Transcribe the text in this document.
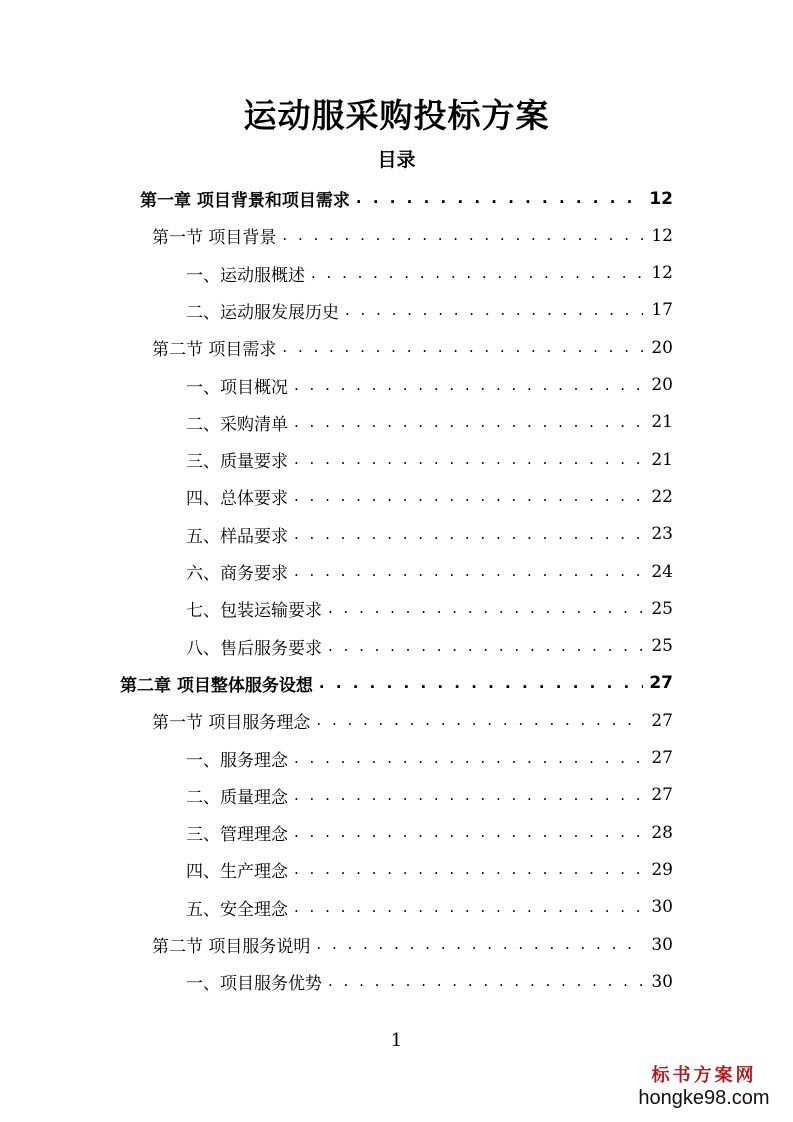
运动服采购投标方案
目录
第一章 项目背景和项目需求 . . .	12
第一节 项目背景 . . .	12
一、运动服概述 . . .	12
二、运动服发展历史 . . .	17
第二节 项目需求 . . .	20
一、项目概况 . . .	20
二、采购清单 . . .	21
三、质量要求 . . .	21
四、总体要求 . . .	22
五、样品要求 . . .	23
六、商务要求 . . .	24
七、包装运输要求 . . .	25
八、售后服务要求 . . .	25
第二章 项目整体服务设想 . . .	27
第一节 项目服务理念 . . .	27
一、服务理念 . . .	27
二、质量理念 . . .	27
三、管理理念 . . .	28
四、生产理念 . . .	29
五、安全理念 . . .	30
第二节 项目服务说明 . . .	30
一、项目服务优势 . . .	30
1
标书方案网
hongke98.com
